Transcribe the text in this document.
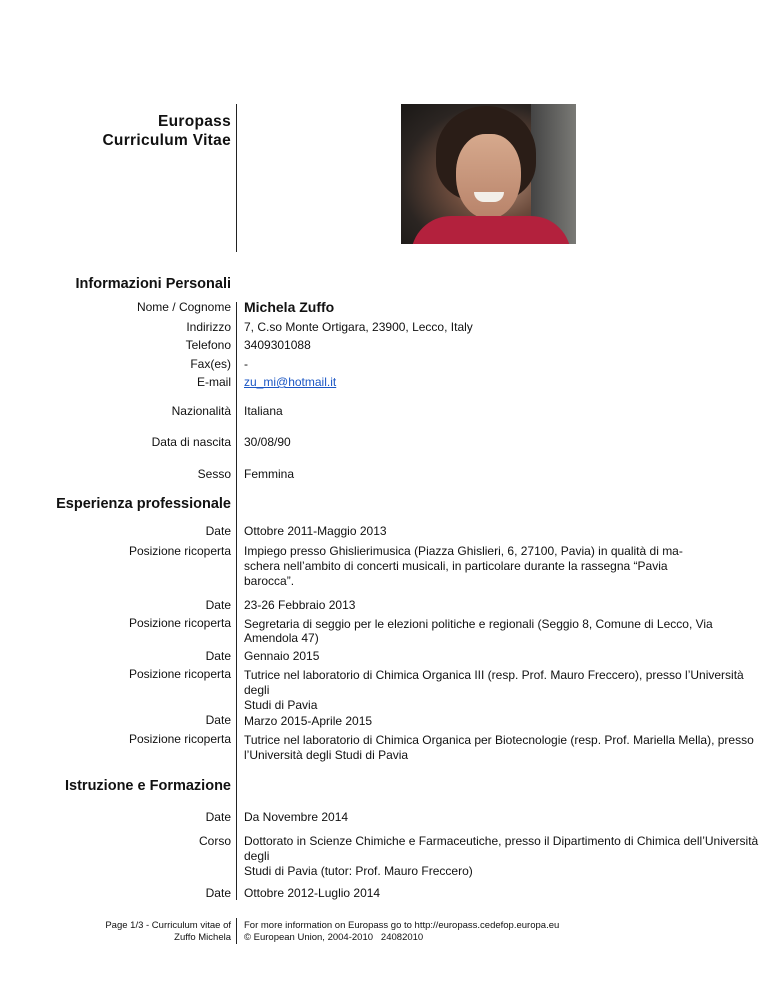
Europass
Curriculum Vitae
Informazioni Personali
Nome / Cognome Michela Zuffo
Indirizzo 7, C.so Monte Ortigara, 23900, Lecco, Italy
Telefono 3409301088
Fax(es) -
E-mail zu_mi@hotmail.it
Nazionalità Italiana
Data di nascita 30/08/90
Sesso Femmina
Esperienza professionale
Date Ottobre 2011-Maggio 2013
Posizione ricoperta Impiego presso Ghislierimusica (Piazza Ghislieri, 6, 27100, Pavia) in qualità di ma-
schera nell’ambito di concerti musicali, in particolare durante la rassegna “Pavia
barocca”.
Date 23-26 Febbraio 2013
Posizione ricoperta Segretaria di seggio per le elezioni politiche e regionali (Seggio 8, Comune di Lecco, Via Amendola 47)
Date Gennaio 2015
Posizione ricoperta Tutrice nel laboratorio di Chimica Organica III (resp. Prof. Mauro Freccero), presso l’Università degli
Studi di Pavia
Date Marzo 2015-Aprile 2015
Posizione ricoperta Tutrice nel laboratorio di Chimica Organica per Biotecnologie (resp. Prof. Mariella Mella), presso
l’Università degli Studi di Pavia
Istruzione e Formazione
Date Da Novembre 2014
Corso Dottorato in Scienze Chimiche e Farmaceutiche, presso il Dipartimento di Chimica dell’Università degli
Studi di Pavia (tutor: Prof. Mauro Freccero)
Date Ottobre 2012-Luglio 2014
Page 1/3 - Curriculum vitae of
Zuffo Michela
For more information on Europass go to http://europass.cedefop.europa.eu
© European Union, 2004-2010   24082010
